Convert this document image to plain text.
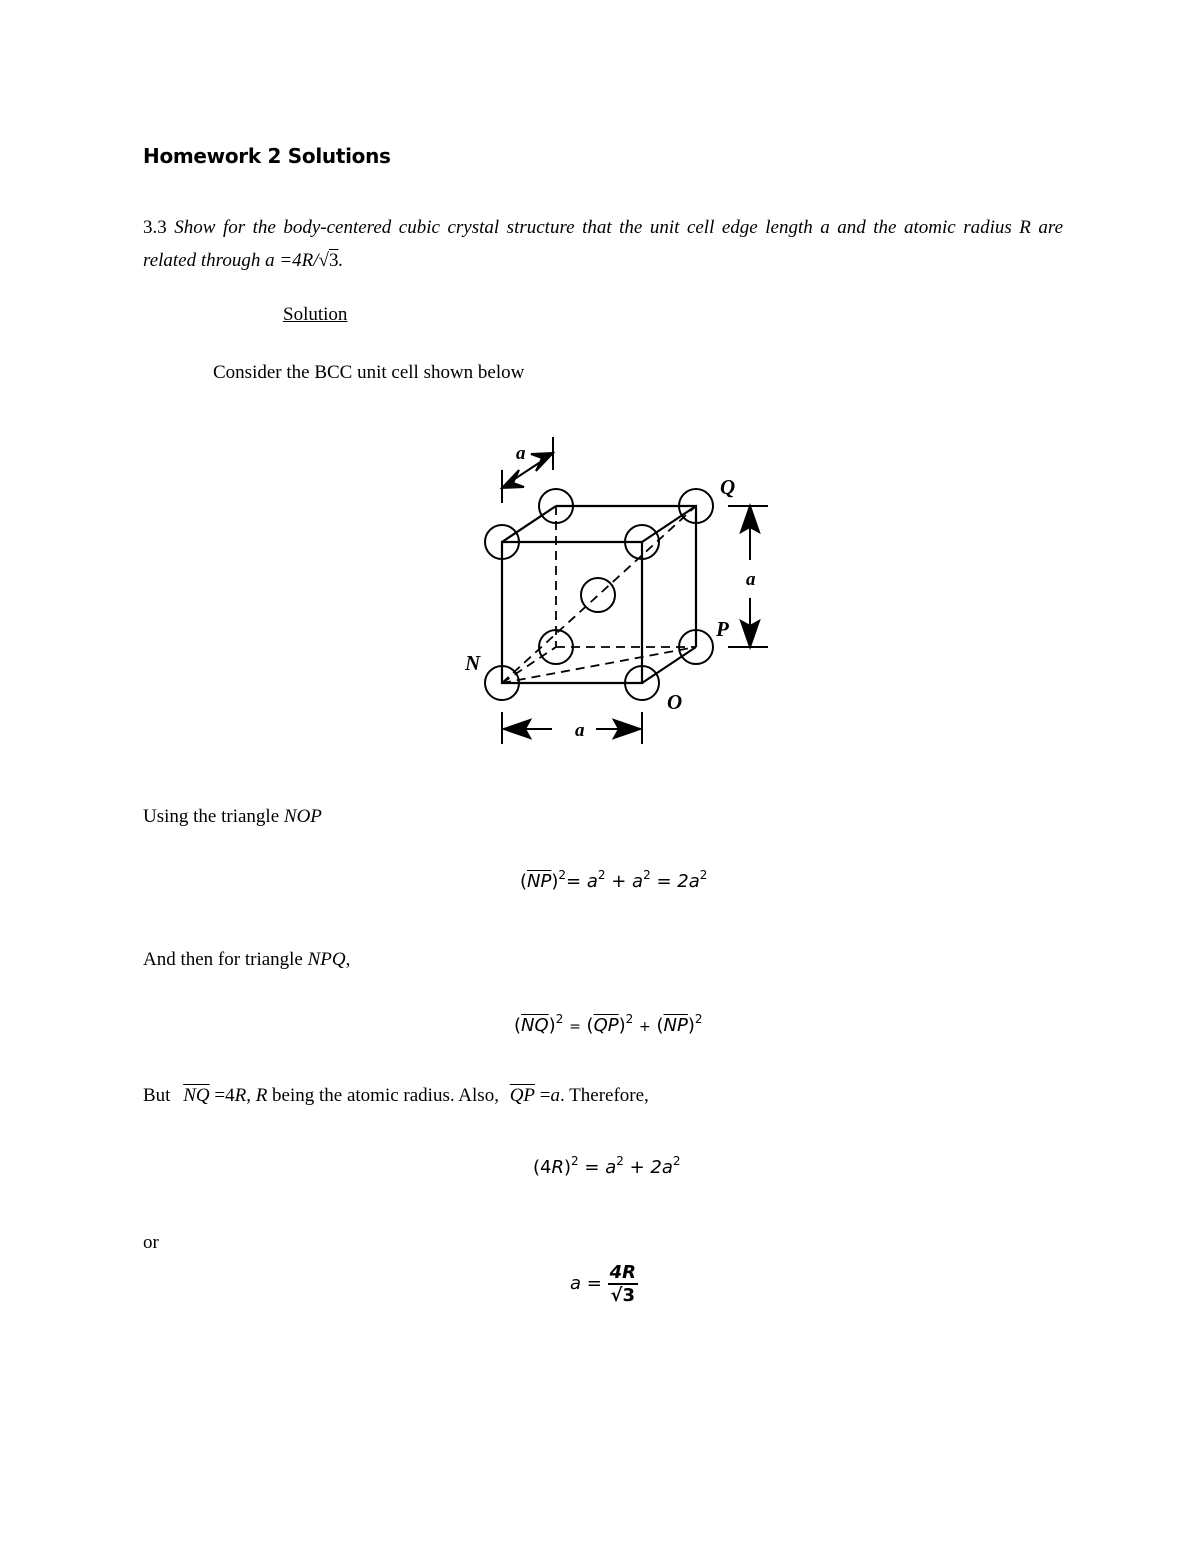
Homework 2 Solutions
3.3 Show for the body-centered cubic crystal structure that the unit cell edge length a and the atomic radius R are related through a =4R/√3.
Solution
Consider the BCC unit cell shown below
a
a
a
Q
P
N
O
Using the triangle NOP
$(\overline{NP})^2= a^2 + a^2 = 2a^2$
And then for triangle NPQ,
$(\overline{NQ})^2 = (\overline{QP})^2 + (\overline{NP})^2$
But $\overline{NQ} =4R$, R being the atomic radius. Also, $\overline{QP} =a$. Therefore,
$(4R)^2 = a^2 + 2a^2$
or
$a = \frac{4R}{√3}$
